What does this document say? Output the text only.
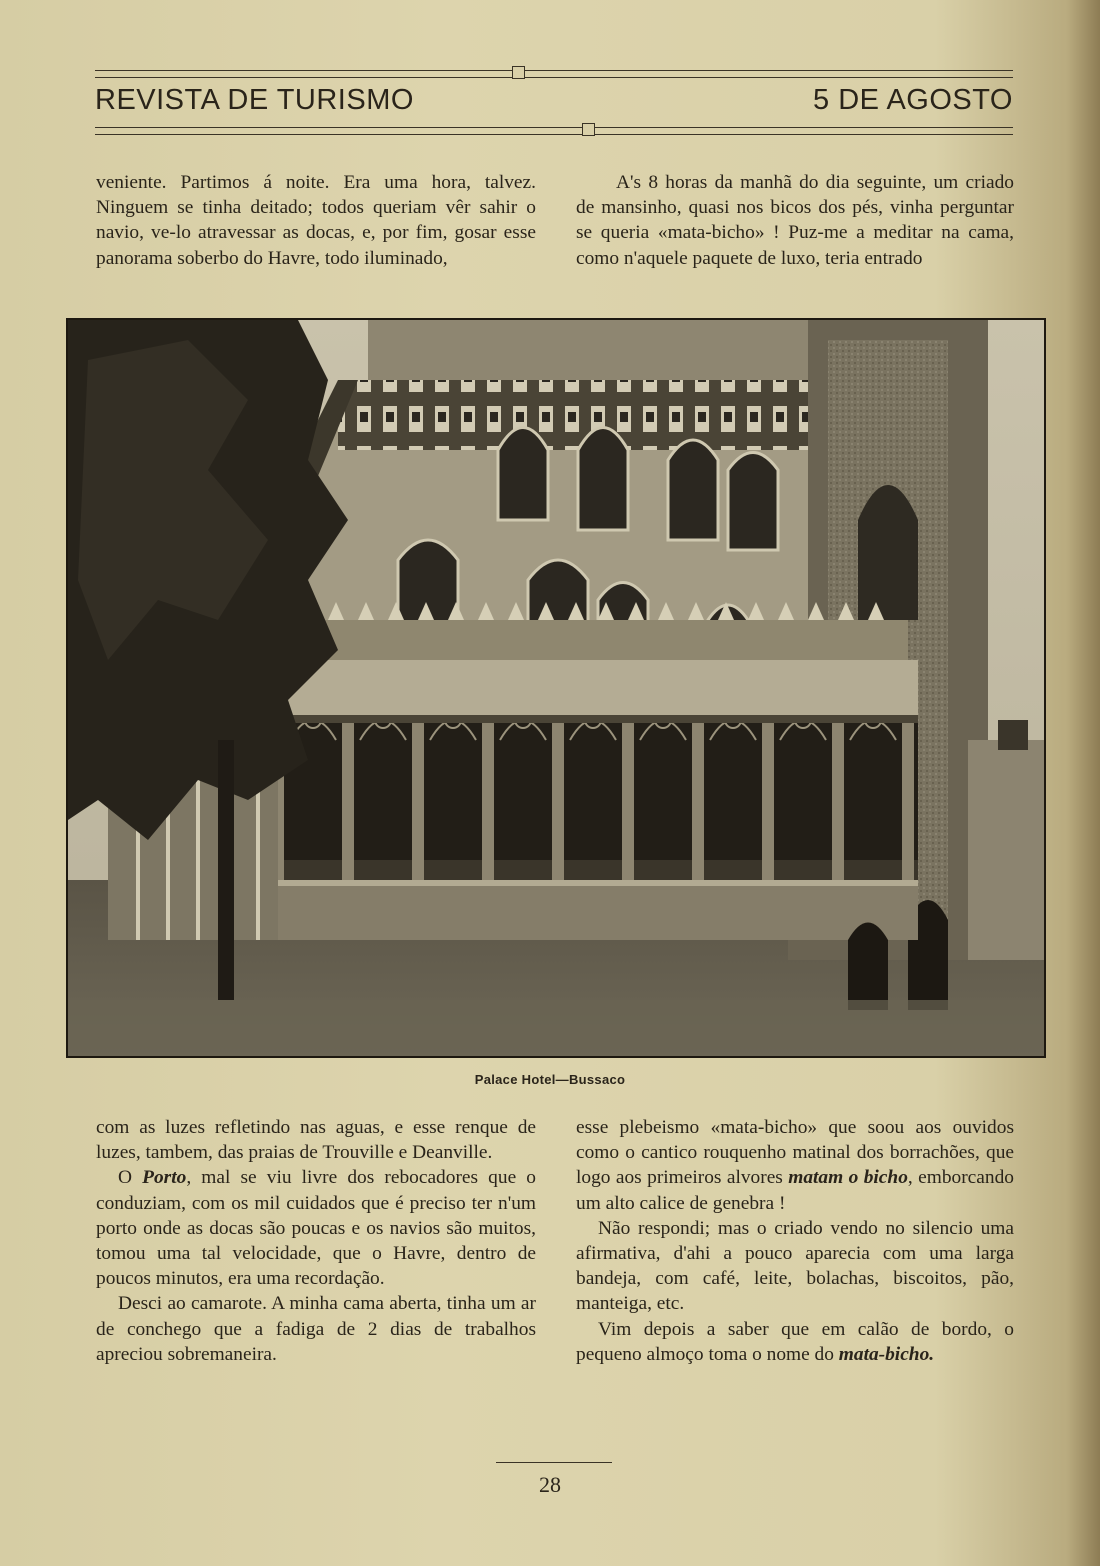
REVISTA DE TURISMO	5 DE AGOSTO

veniente. Partimos á noite. Era uma hora, talvez. Ninguem se tinha deitado; todos queriam vêr sahir o navio, ve-lo atravessar as docas, e, por fim, gosar esse panorama soberbo do Havre, todo iluminado,

A's 8 horas da manhã do dia seguinte, um criado de mansinho, quasi nos bicos dos pés, vinha perguntar se queria «mata-bicho» ! Puz-me a meditar na cama, como n'aquele paquete de luxo, teria entrado

Palace Hotel—Bussaco

com as luzes refletindo nas aguas, e esse renque de luzes, tambem, das praias de Trouville e Deanville.

O Porto, mal se viu livre dos rebocadores que o conduziam, com os mil cuidados que é preciso ter n'um porto onde as docas são poucas e os navios são muitos, tomou uma tal velocidade, que o Havre, dentro de poucos minutos, era uma recordação.

Desci ao camarote. A minha cama aberta, tinha um ar de conchego que a fadiga de 2 dias de trabalhos apreciou sobremaneira.

esse plebeismo «mata-bicho» que soou aos ouvidos como o cantico rouquenho matinal dos borrachões, que logo aos primeiros alvores matam o bicho, emborcando um alto calice de genebra !

Não respondi; mas o criado vendo no silencio uma afirmativa, d'ahi a pouco aparecia com uma larga bandeja, com café, leite, bolachas, biscoitos, pão, manteiga, etc.

Vim depois a saber que em calão de bordo, o pequeno almoço toma o nome do mata-bicho.

28
